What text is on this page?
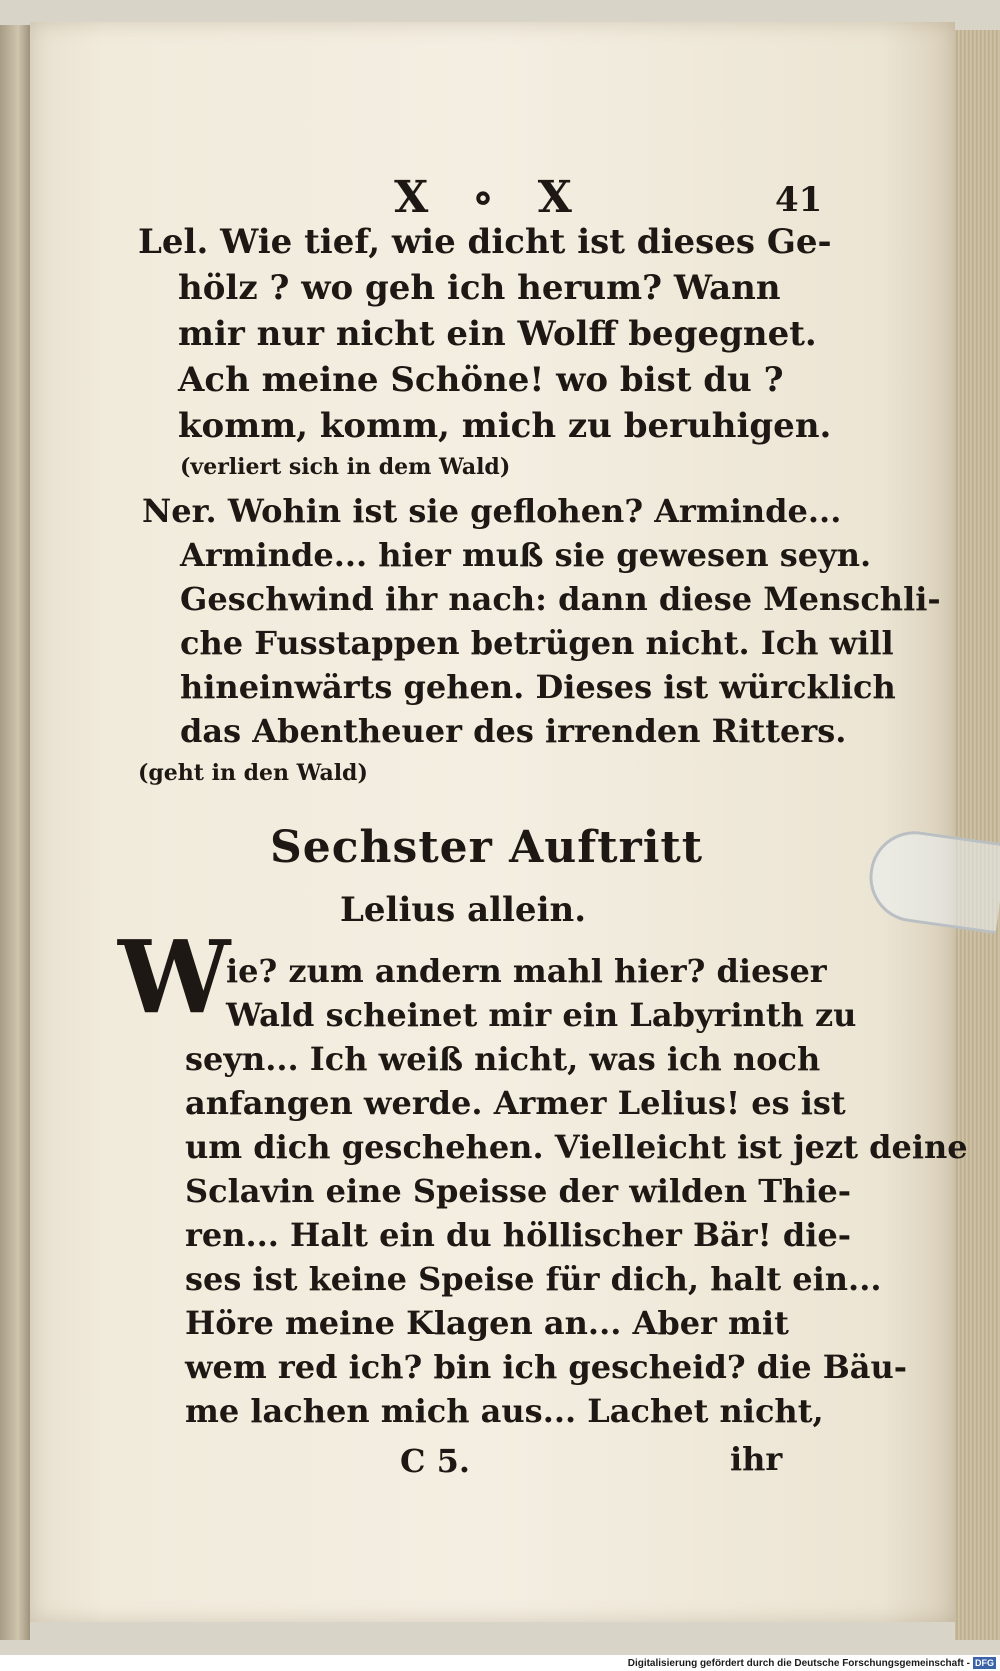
X ∘ X	41
Lel. Wie tief, wie dicht ist dieses Ge-
hölz ? wo geh ich herum? Wann
mir nur nicht ein Wolff begegnet.
Ach meine Schöne! wo bist du ?
komm, komm, mich zu beruhigen.
(verliert sich in dem Wald)
Ner. Wohin ist sie geflohen? Arminde...
Arminde... hier muß sie gewesen seyn.
Geschwind ihr nach: dann diese Menschli-
che Fusstappen betrügen nicht. Ich will
hineinwärts gehen. Dieses ist würcklich
das Abentheuer des irrenden Ritters.
(geht in den Wald)
Sechster Auftritt
Lelius allein.
W
ie? zum andern mahl hier? dieser
Wald scheinet mir ein Labyrinth zu
seyn... Ich weiß nicht, was ich noch
anfangen werde. Armer Lelius! es ist
um dich geschehen. Vielleicht ist jezt deine
Sclavin eine Speisse der wilden Thie-
ren... Halt ein du höllischer Bär! die-
ses ist keine Speise für dich, halt ein...
Höre meine Klagen an... Aber mit
wem red ich? bin ich gescheid? die Bäu-
me lachen mich aus... Lachet nicht,
C 5.	ihr
Digitalisierung gefördert durch die Deutsche Forschungsgemeinschaft - DFG
